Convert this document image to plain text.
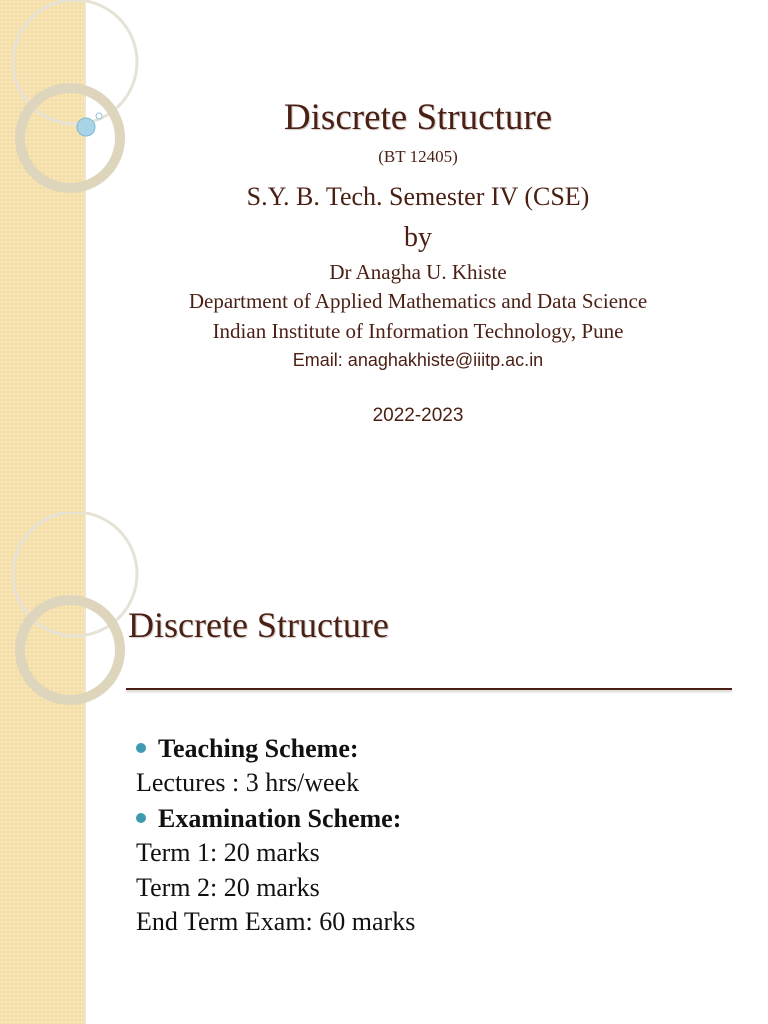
Discrete Structure
(BT 12405)
S.Y. B. Tech. Semester IV (CSE)
by
Dr Anagha U. Khiste
Department of Applied Mathematics and Data Science
Indian Institute of Information Technology, Pune
Email: anaghakhiste@iiitp.ac.in
2022-2023
Discrete Structure
Teaching Scheme:
Lectures : 3 hrs/week
Examination Scheme:
Term 1: 20 marks
Term 2: 20 marks
End Term Exam: 60 marks
